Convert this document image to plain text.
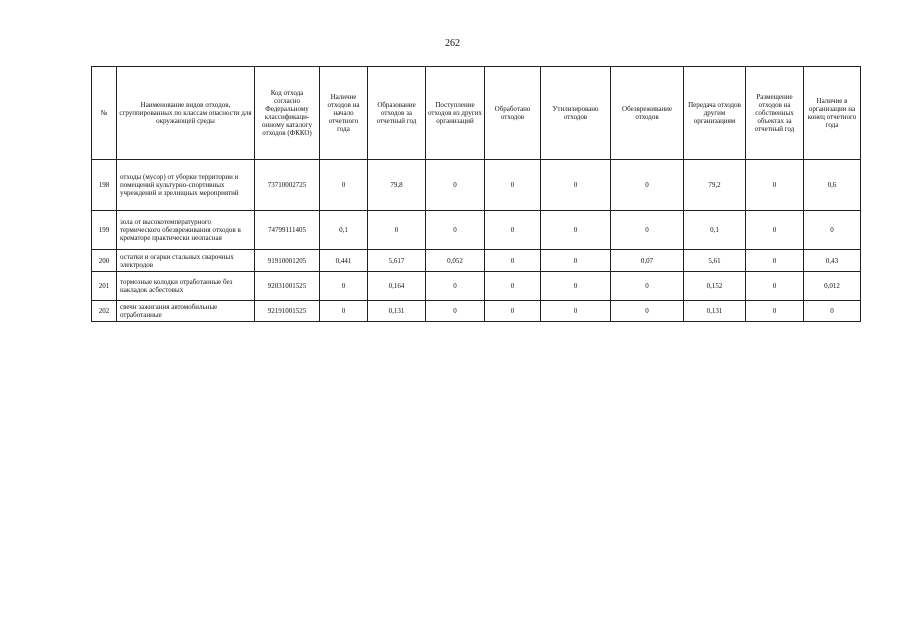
262
№	Наименование видов отходов, сгруппированных по классам опасности для окружающей среды	Код отхода согласно Федеральному классификаци-онному каталогу отходов (ФККО)	Наличие отходов на начало отчетного года	Образование отходов за отчетный год	Поступление отходов из других организаций	Обработано отходов	Утилизировано отходов	Обезвреживание отходов	Передача отходов другим организациям	Размещение отходов на собственных объектах за отчетный год	Наличие в организации на конец отчетного года
198	отходы (мусор) от уборки территории и помещений культурно-спортивных учреждений и зрелищных мероприятий	73710002725	0	79,8	0	0	0	0	79,2	0	0,6
199	зола от высокотемпературного термического обезвреживания отходов в крематоре практически неопасная	74799111405	0,1	0	0	0	0	0	0,1	0	0
200	остатки и огарки стальных сварочных электродов	91910001205	0,441	5,617	0,052	0	0	0,07	5,61	0	0,43
201	тормозные колодки отработанные без накладок асбестовых	92031001525	0	0,164	0	0	0	0	0,152	0	0,012
202	свечи зажигания автомобильные отработанные	92191001525	0	0,131	0	0	0	0	0,131	0	0
